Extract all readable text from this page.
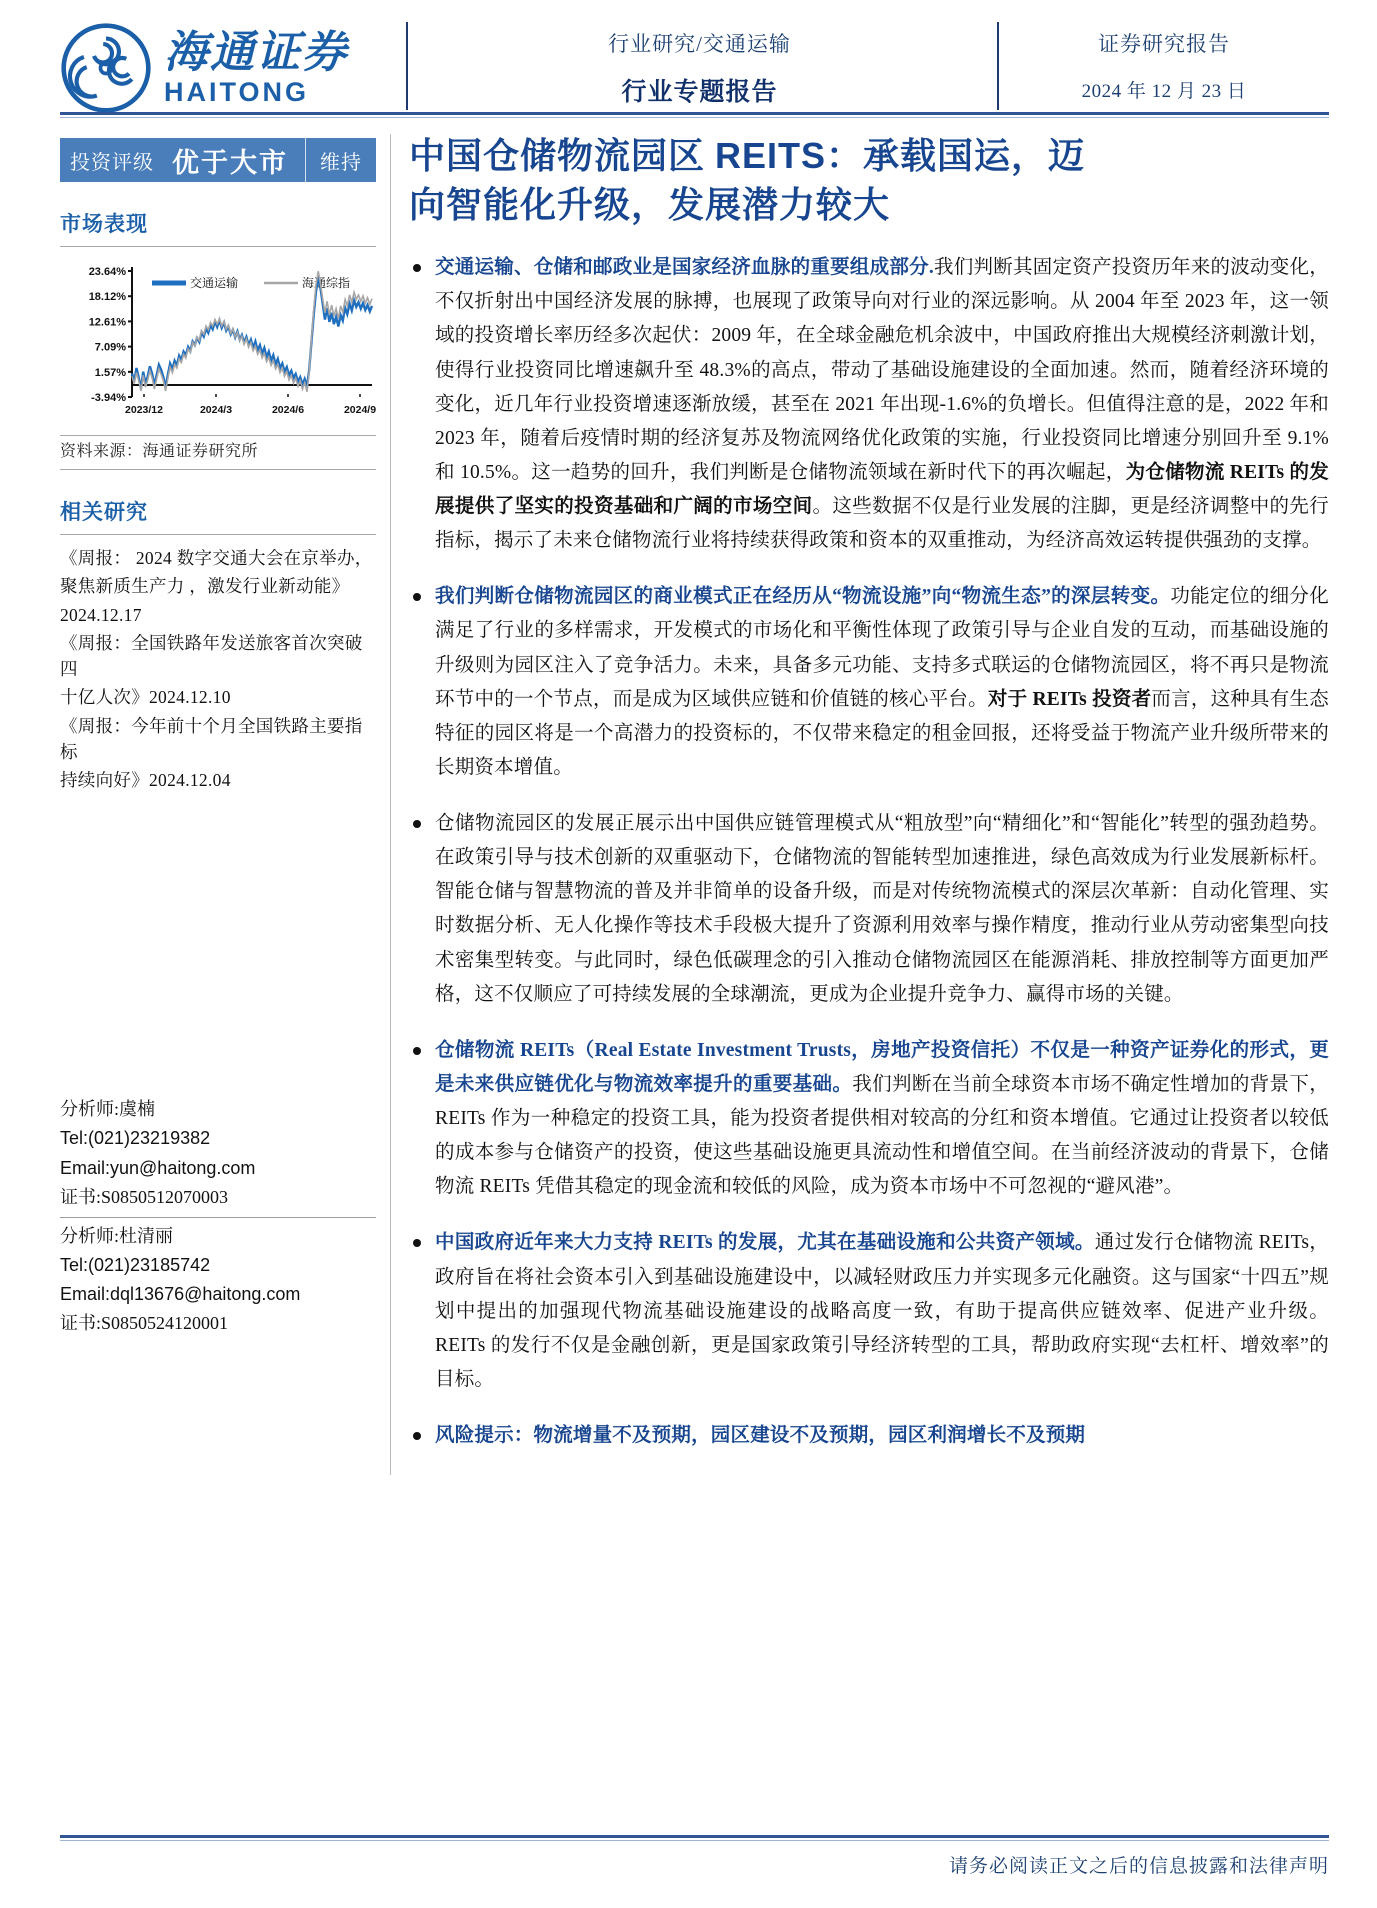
海通证券
HAITONG
行业研究/交通运输
行业专题报告
证券研究报告
2024 年 12 月 23 日
投资评级 优于大市	维持
市场表现
23.64%
18.12%
12.61%
7.09%
1.57%
-3.94%
2023/12	2024/3	2024/6	2024/9
交通运输	海通综指
资料来源：海通证券研究所
相关研究
《周报： 2024 数字交通大会在京举办，
聚焦新质生产力 ，激发行业新动能》
2024.12.17
《周报：全国铁路年发送旅客首次突破四
十亿人次》2024.12.10
《周报：今年前十个月全国铁路主要指标
持续向好》2024.12.04
分析师:虞楠
Tel:(021)23219382
Email:yun@haitong.com
证书:S0850512070003
分析师:杜清丽
Tel:(021)23185742
Email:dql13676@haitong.com
证书:S0850524120001
中国仓储物流园区 REITS：承载国运，迈
向智能化升级，发展潜力较大
交通运输、仓储和邮政业是国家经济血脉的重要组成部分.我们判断其固定资产投资历年来的波动变化，不仅折射出中国经济发展的脉搏，也展现了政策导向对行业的深远影响。从 2004 年至 2023 年，这一领域的投资增长率历经多次起伏：2009 年，在全球金融危机余波中，中国政府推出大规模经济刺激计划，使得行业投资同比增速飙升至 48.3%的高点，带动了基础设施建设的全面加速。然而，随着经济环境的变化，近几年行业投资增速逐渐放缓，甚至在 2021 年出现-1.6%的负增长。但值得注意的是，2022 年和 2023 年，随着后疫情时期的经济复苏及物流网络优化政策的实施，行业投资同比增速分别回升至 9.1%和 10.5%。这一趋势的回升，我们判断是仓储物流领域在新时代下的再次崛起，为仓储物流 REITs 的发展提供了坚实的投资基础和广阔的市场空间。这些数据不仅是行业发展的注脚，更是经济调整中的先行指标，揭示了未来仓储物流行业将持续获得政策和资本的双重推动，为经济高效运转提供强劲的支撑。
我们判断仓储物流园区的商业模式正在经历从“物流设施”向“物流生态”的深层转变。功能定位的细分化满足了行业的多样需求，开发模式的市场化和平衡性体现了政策引导与企业自发的互动，而基础设施的升级则为园区注入了竞争活力。未来，具备多元功能、支持多式联运的仓储物流园区，将不再只是物流环节中的一个节点，而是成为区域供应链和价值链的核心平台。对于 REITs 投资者而言，这种具有生态特征的园区将是一个高潜力的投资标的，不仅带来稳定的租金回报，还将受益于物流产业升级所带来的长期资本增值。
仓储物流园区的发展正展示出中国供应链管理模式从“粗放型”向“精细化”和“智能化”转型的强劲趋势。在政策引导与技术创新的双重驱动下，仓储物流的智能转型加速推进，绿色高效成为行业发展新标杆。智能仓储与智慧物流的普及并非简单的设备升级，而是对传统物流模式的深层次革新：自动化管理、实时数据分析、无人化操作等技术手段极大提升了资源利用效率与操作精度，推动行业从劳动密集型向技术密集型转变。与此同时，绿色低碳理念的引入推动仓储物流园区在能源消耗、排放控制等方面更加严格，这不仅顺应了可持续发展的全球潮流，更成为企业提升竞争力、赢得市场的关键。
仓储物流 REITs（Real Estate Investment Trusts，房地产投资信托）不仅是一种资产证券化的形式，更是未来供应链优化与物流效率提升的重要基础。我们判断在当前全球资本市场不确定性增加的背景下，REITs 作为一种稳定的投资工具，能为投资者提供相对较高的分红和资本增值。它通过让投资者以较低的成本参与仓储资产的投资，使这些基础设施更具流动性和增值空间。在当前经济波动的背景下，仓储物流 REITs 凭借其稳定的现金流和较低的风险，成为资本市场中不可忽视的“避风港”。
中国政府近年来大力支持 REITs 的发展，尤其在基础设施和公共资产领域。通过发行仓储物流 REITs，政府旨在将社会资本引入到基础设施建设中，以减轻财政压力并实现多元化融资。这与国家“十四五”规划中提出的加强现代物流基础设施建设的战略高度一致，有助于提高供应链效率、促进产业升级。REITs 的发行不仅是金融创新，更是国家政策引导经济转型的工具，帮助政府实现“去杠杆、增效率”的目标。
风险提示：物流增量不及预期，园区建设不及预期，园区利润增长不及预期
请务必阅读正文之后的信息披露和法律声明
